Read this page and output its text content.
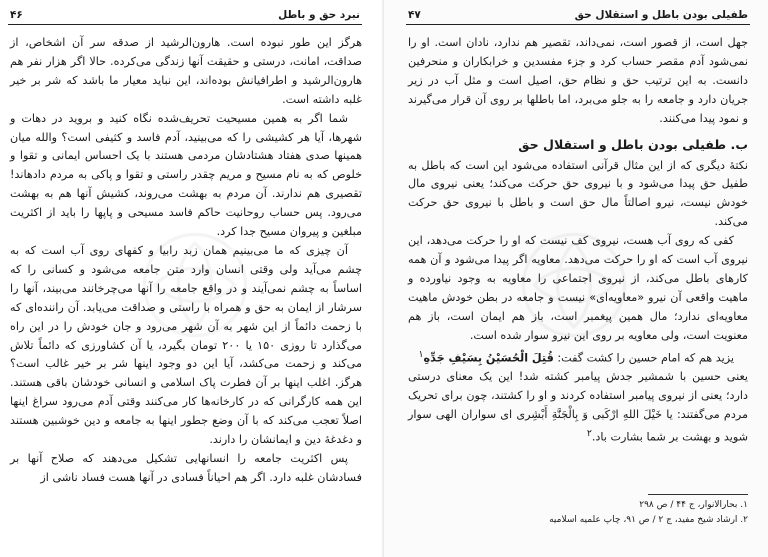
نبرد حق و باطل
۴۶

هرگز این طور نبوده است. هارون‌الرشید از صدقه سر آن اشخاص، از صداقت، امانت، درستی و حقیقت آنها زندگی می‌کرده. حالا اگر هزار نفر هم هارون‌الرشید و اطرافیانش بوده‌اند، این نباید معیار ما باشد که شر بر خیر غلبه داشته است.

شما اگر به همین مسیحیت تحریف‌شده نگاه کنید و بروید در دهات و شهرها، آیا هر کشیشی را که می‌بینید، آدم فاسد و کثیفی است؟ والله میان همینها صدی هفتاد هشتادشان مردمی هستند با یک احساس ایمانی و تقوا و خلوص که به نام مسیح و مریم چقدر راستی و تقوا و پاکی به مردم دادهاند! تقصیری هم ندارند. آن مردم به بهشت می‌روند، کشیش آنها هم به بهشت می‌رود. پس حساب روحانیت حاکم فاسد مسیحی و پاپها را باید از اکثریت مبلغین و پیروان مسیح جدا کرد.

آن چیزی که ما می‌بینیم همان زبد رابیا و کفهای روی آب است که به چشم می‌آید ولی وقتی انسان وارد متن جامعه می‌شود و کسانی را که اساساً به چشم نمی‌آیند و در واقع جامعه را آنها می‌چرخانند می‌بیند، آنها را سرشار از ایمان به حق و همراه با راستی و صداقت می‌یابد. آن راننده‌ای که با زحمت دائماً از این شهر به آن شهر می‌رود و جان خودش را در این راه می‌گذارد تا روزی ۱۵۰ یا ۲۰۰ تومان بگیرد، یا آن کشاورزی که دائماً تلاش می‌کند و زحمت می‌کشد، آیا این دو وجود اینها شر بر خیر غالب است؟ هرگز. اغلب اینها بر آن فطرت پاک اسلامی و انسانی خودشان باقی هستند. این همه کارگرانی که در کارخانه‌ها کار می‌کنند وقتی آدم می‌رود سراغ اینها اصلاً تعجب می‌کند که با آن وضع جطور اینها به جامعه و دین خوشبین هستند و دغدغهٔ دین و ایمانشان را دارند.

پس اکثریت جامعه را انسانهایی تشکیل می‌دهند که صلاح آنها بر فسادشان غلبه دارد. اگر هم احیاناً فسادی در آنها هست فساد ناشی از

طفیلی بودن باطل و استقلال حق
۴۷

جهل است، از قصور است، نمی‌داند، تقصیر هم ندارد، نادان است. او را نمی‌شود آدم مقصر حساب کرد و جزء مفسدین و خرابکاران و منحرفین دانست. به این ترتیب حق و نظام حق، اصیل است و مثل آب در زیر جریان دارد و جامعه را به جلو می‌برد، اما باطلها بر روی آن قرار می‌گیرند و نمود پیدا می‌کنند.

ب. طفیلی بودن باطل و استقلال حق

نکتهٔ دیگری که از این مثال قرآنی استفاده می‌شود این است که باطل به طفیل حق پیدا می‌شود و با نیروی حق حرکت می‌کند؛ یعنی نیروی مال خودش نیست، نیرو اصالتاً مال حق است و باطل با نیروی حق حرکت می‌کند.

کفی که روی آب هست، نیروی کف نیست که او را حرکت می‌دهد، این نیروی آب است که او را حرکت می‌دهد. معاویه اگر پیدا می‌شود و آن همه کارهای باطل می‌کند، از نیروی اجتماعی را معاویه به وجود نیاورده و ماهیت واقعی آن نیرو «معاویه‌ای» نیست و جامعه در بطن خودش ماهیت معاویه‌ای ندارد؛ مال همین پیغمبر است، باز هم ایمان است، باز هم معنویت است، ولی معاویه بر روی این نیرو سوار شده است.

یزید هم که امام حسین را کشت گفت: قُتِلَ الْحُسَيْنُ بِسَيْفِ جَدِّهِ$^۱$

یعنی حسین با شمشیر جدش پیامبر کشته شد! این یک معنای درستی دارد؛ یعنی از نیروی پیامبر استفاده کردند و او را کشتند، چون برای تحریک مردم می‌گفتند: یا خَیْلَ اللهِ ارْکَبی وَ بِالْجَنَّةِ أَبْشِری ای سواران الهی سوار شوید و بهشت بر شما بشارت باد.$^۲$

۱. بحارالانوار، ج ۴۴ / ص ۲۹۸
۲. ارشاد شیخ مفید، ج ۲ / ص ۹۱، چاپ علمیه اسلامیه
